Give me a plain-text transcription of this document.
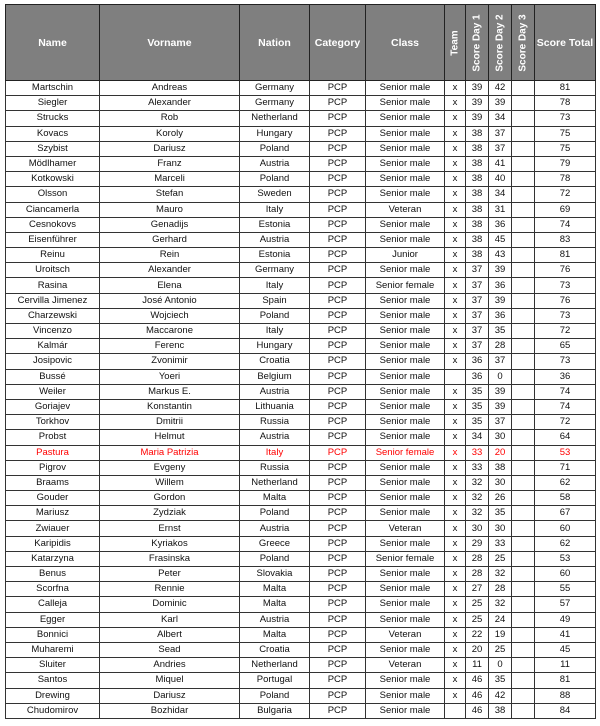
Name	Vorname	Nation	Category	Class	Team	Score Day 1	Score Day 2	Score Day 3	Score Total
Martschin	Andreas	Germany	PCP	Senior male	x	39	42		81
Siegler	Alexander	Germany	PCP	Senior male	x	39	39		78
Strucks	Rob	Netherland	PCP	Senior male	x	39	34		73
Kovacs	Koroly	Hungary	PCP	Senior male	x	38	37		75
Szybist	Dariusz	Poland	PCP	Senior male	x	38	37		75
Mödlhamer	Franz	Austria	PCP	Senior male	x	38	41		79
Kotkowski	Marceli	Poland	PCP	Senior male	x	38	40		78
Olsson	Stefan	Sweden	PCP	Senior male	x	38	34		72
Ciancamerla	Mauro	Italy	PCP	Veteran	x	38	31		69
Cesnokovs	Genadijs	Estonia	PCP	Senior male	x	38	36		74
Eisenführer	Gerhard	Austria	PCP	Senior male	x	38	45		83
Reinu	Rein	Estonia	PCP	Junior	x	38	43		81
Uroitsch	Alexander	Germany	PCP	Senior male	x	37	39		76
Rasina	Elena	Italy	PCP	Senior female	x	37	36		73
Cervilla Jimenez	José Antonio	Spain	PCP	Senior male	x	37	39		76
Charzewski	Wojciech	Poland	PCP	Senior male	x	37	36		73
Vincenzo	Maccarone	Italy	PCP	Senior male	x	37	35		72
Kalmár	Ferenc	Hungary	PCP	Senior male	x	37	28		65
Josipovic	Zvonimir	Croatia	PCP	Senior male	x	36	37		73
Bussé	Yoeri	Belgium	PCP	Senior male		36	0		36
Weiler	Markus E.	Austria	PCP	Senior male	x	35	39		74
Goriajev	Konstantin	Lithuania	PCP	Senior male	x	35	39		74
Torkhov	Dmitrii	Russia	PCP	Senior male	x	35	37		72
Probst	Helmut	Austria	PCP	Senior male	x	34	30		64
Pastura	Maria Patrizia	Italy	PCP	Senior female	x	33	20		53
Pigrov	Evgeny	Russia	PCP	Senior male	x	33	38		71
Braams	Willem	Netherland	PCP	Senior male	x	32	30		62
Gouder	Gordon	Malta	PCP	Senior male	x	32	26		58
Mariusz	Zydziak	Poland	PCP	Senior male	x	32	35		67
Zwiauer	Ernst	Austria	PCP	Veteran	x	30	30		60
Karipidis	Kyriakos	Greece	PCP	Senior male	x	29	33		62
Katarzyna	Frasinska	Poland	PCP	Senior female	x	28	25		53
Benus	Peter	Slovakia	PCP	Senior male	x	28	32		60
Scorfna	Rennie	Malta	PCP	Senior male	x	27	28		55
Calleja	Dominic	Malta	PCP	Senior male	x	25	32		57
Egger	Karl	Austria	PCP	Senior male	x	25	24		49
Bonnici	Albert	Malta	PCP	Veteran	x	22	19		41
Muharemi	Sead	Croatia	PCP	Senior male	x	20	25		45
Sluiter	Andries	Netherland	PCP	Veteran	x	11	0		11
Santos	Miquel	Portugal	PCP	Senior male	x	46	35		81
Drewing	Dariusz	Poland	PCP	Senior male	x	46	42		88
Chudomirov	Bozhidar	Bulgaria	PCP	Senior male		46	38		84
